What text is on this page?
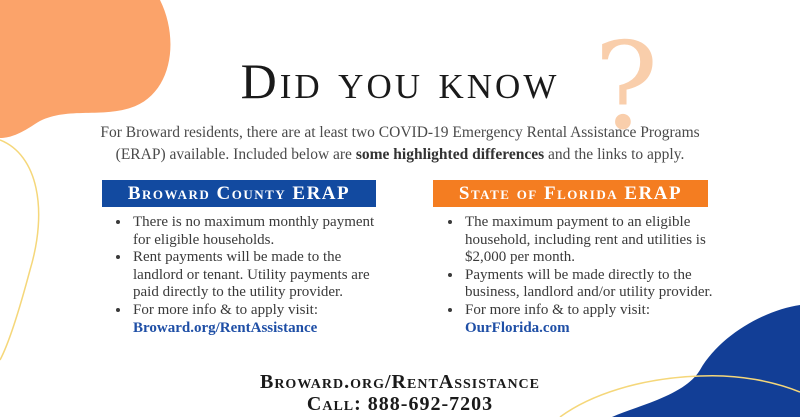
?
Did you know
For Broward residents, there are at least two COVID-19 Emergency Rental Assistance Programs
(ERAP) available. Included below are some highlighted differences and the links to apply.
Broward County ERAP
• There is no maximum monthly payment for eligible households.
• Rent payments will be made to the landlord or tenant. Utility payments are paid directly to the utility provider.
• For more info & to apply visit:
Broward.org/RentAssistance
State of Florida ERAP
• The maximum payment to an eligible household, including rent and utilities is $2,000 per month.
• Payments will be made directly to the business, landlord and/or utility provider.
• For more info & to apply visit:
OurFlorida.com
Broward.org/RentAssistance
Call: 888-692-7203
